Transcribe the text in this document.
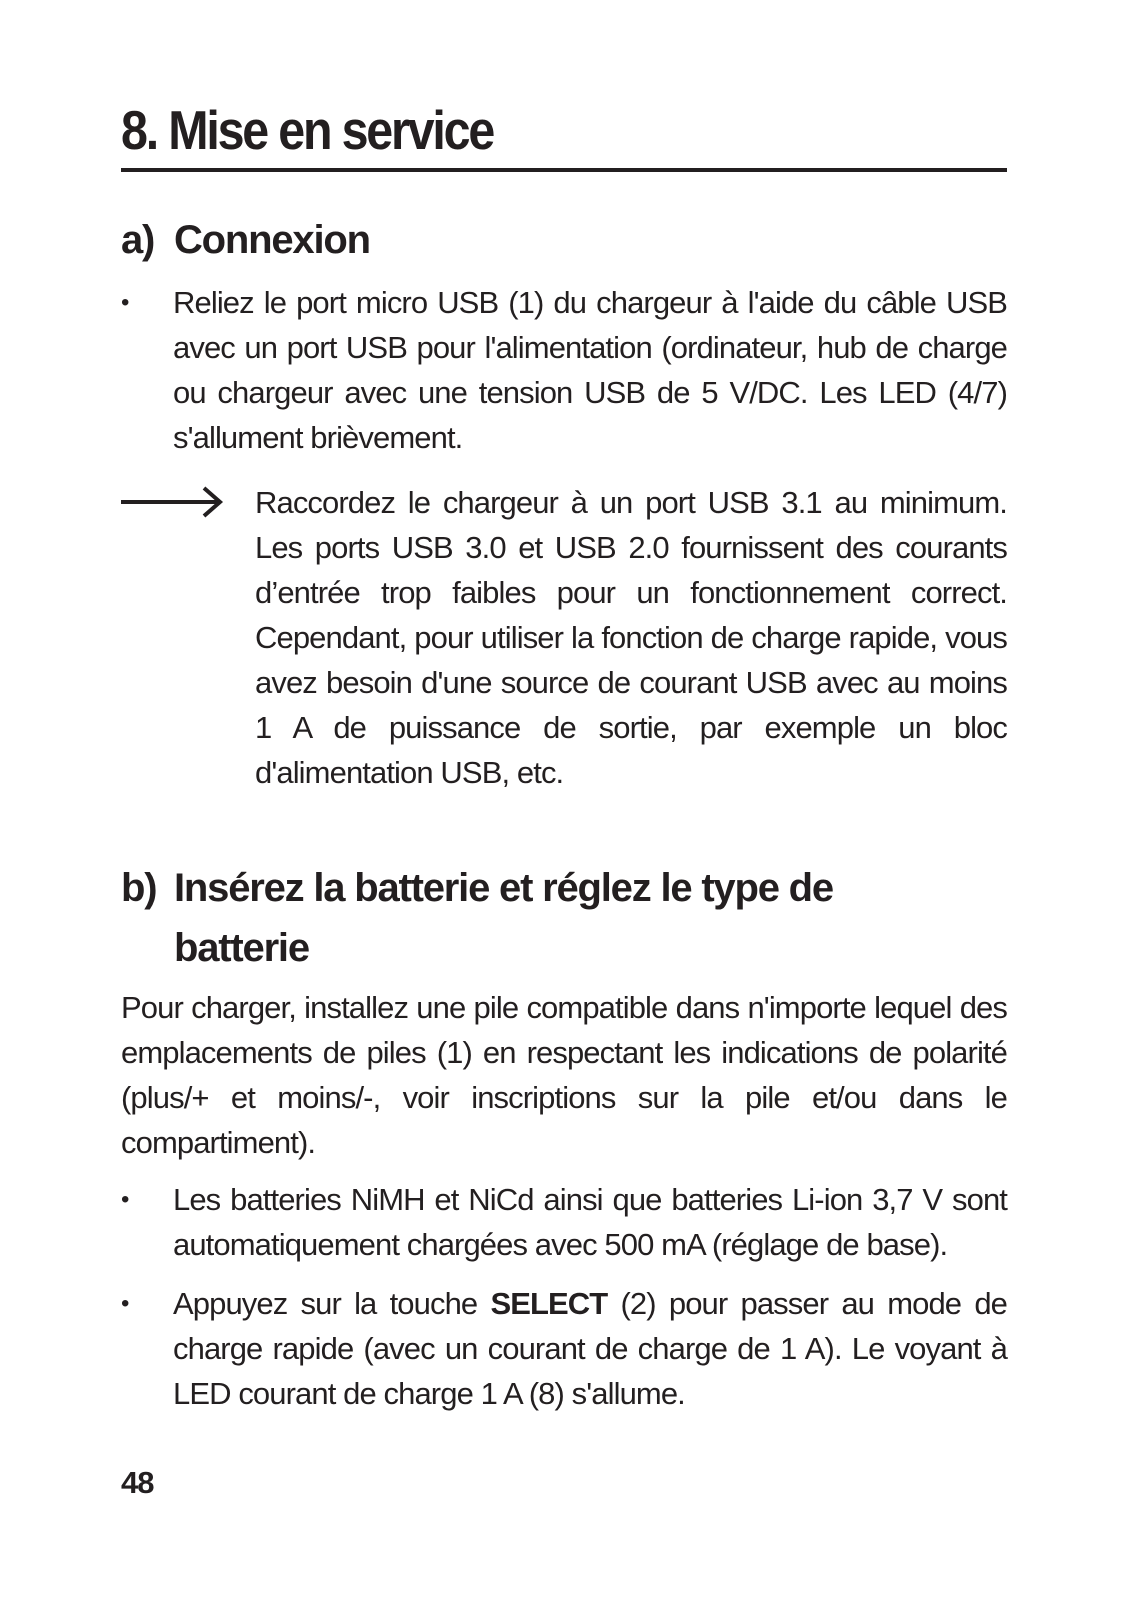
8. Mise en service
a) Connexion
• Reliez le port micro USB (1) du chargeur à l'aide du câble USB avec un port USB pour l'alimentation (ordinateur, hub de charge ou chargeur avec une tension USB de 5 V/DC. Les LED (4/7) s'allument brièvement.
Raccordez le chargeur à un port USB 3.1 au minimum. Les ports USB 3.0 et USB 2.0 fournissent des courants d’entrée trop faibles pour un fonctionnement correct. Cependant, pour utiliser la fonction de charge rapide, vous avez besoin d'une source de courant USB avec au moins 1 A de puissance de sortie, par exemple un bloc d'alimentation USB, etc.
b) Insérez la batterie et réglez le type de batterie
Pour charger, installez une pile compatible dans n'importe lequel des emplacements de piles (1) en respectant les indications de polarité (plus/+ et moins/-, voir inscriptions sur la pile et/ou dans le compartiment).
• Les batteries NiMH et NiCd ainsi que batteries Li-ion 3,7 V sont automatiquement chargées avec 500 mA (réglage de base).
• Appuyez sur la touche SELECT (2) pour passer au mode de charge rapide (avec un courant de charge de 1 A). Le voyant à LED courant de charge 1 A (8) s'allume.
48
